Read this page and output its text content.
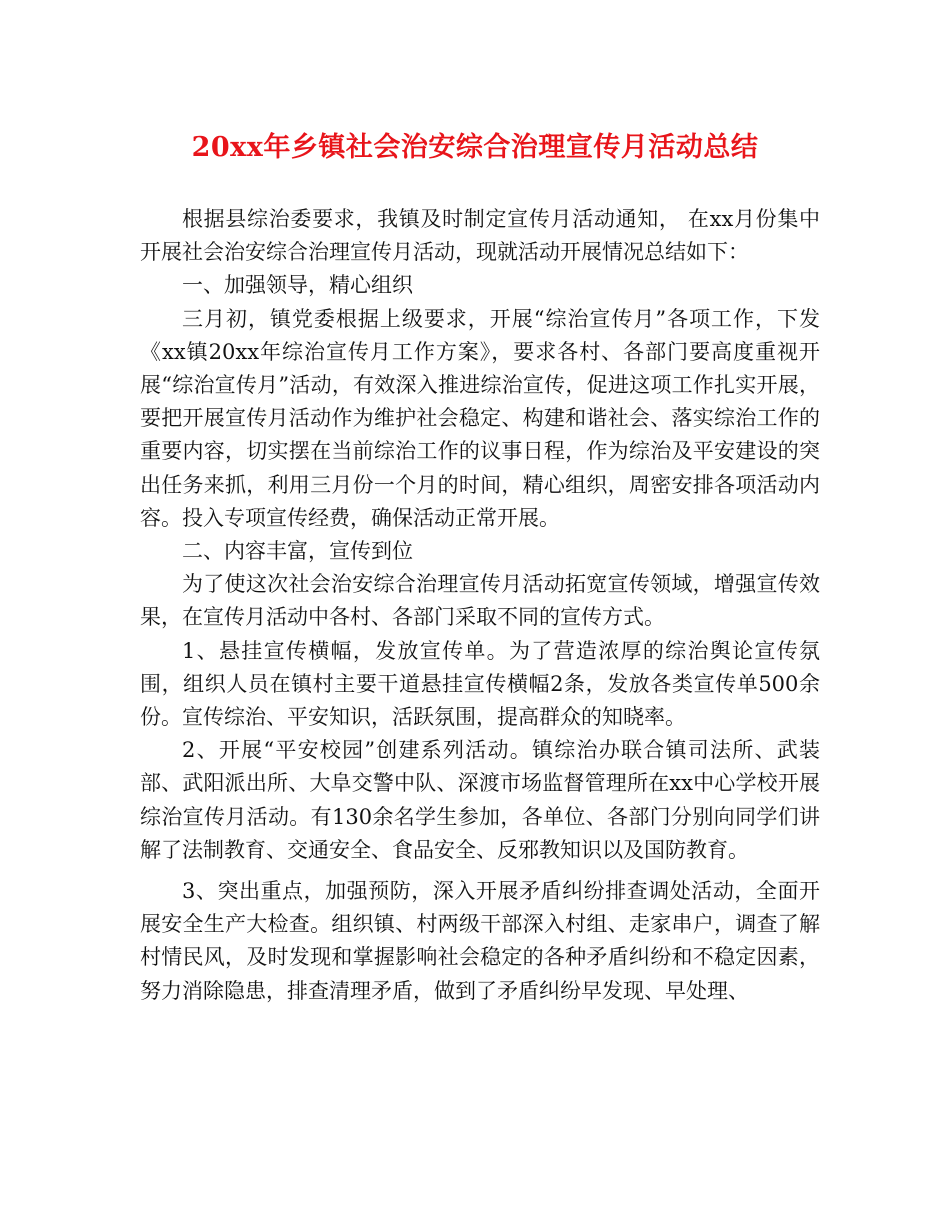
20xx年乡镇社会治安综合治理宣传月活动总结

根据县综治委要求，我镇及时制定宣传月活动通知， 在xx月份集中开展社会治安综合治理宣传月活动，现就活动开展情况总结如下：

一、加强领导，精心组织

三月初，镇党委根据上级要求，开展“综治宣传月”各项工作，下发《xx镇20xx年综治宣传月工作方案》，要求各村、各部门要高度重视开展“综治宣传月”活动，有效深入推进综治宣传，促进这项工作扎实开展，要把开展宣传月活动作为维护社会稳定、构建和谐社会、落实综治工作的重要内容，切实摆在当前综治工作的议事日程，作为综治及平安建设的突出任务来抓，利用三月份一个月的时间，精心组织，周密安排各项活动内容。投入专项宣传经费，确保活动正常开展。

二、内容丰富，宣传到位

为了使这次社会治安综合治理宣传月活动拓宽宣传领域，增强宣传效果，在宣传月活动中各村、各部门采取不同的宣传方式。

1、悬挂宣传横幅，发放宣传单。为了营造浓厚的综治舆论宣传氛围，组织人员在镇村主要干道悬挂宣传横幅2条，发放各类宣传单500余份。宣传综治、平安知识，活跃氛围，提高群众的知晓率。

2、开展“平安校园”创建系列活动。镇综治办联合镇司法所、武装部、武阳派出所、大阜交警中队、深渡市场监督管理所在xx中心学校开展综治宣传月活动。有130余名学生参加，各单位、各部门分别向同学们讲解了法制教育、交通安全、食品安全、反邪教知识以及国防教育。

3、突出重点，加强预防，深入开展矛盾纠纷排查调处活动，全面开展安全生产大检查。组织镇、村两级干部深入村组、走家串户，调查了解村情民风，及时发现和掌握影响社会稳定的各种矛盾纠纷和不稳定因素，努力消除隐患，排查清理矛盾，做到了矛盾纠纷早发现、早处理、
